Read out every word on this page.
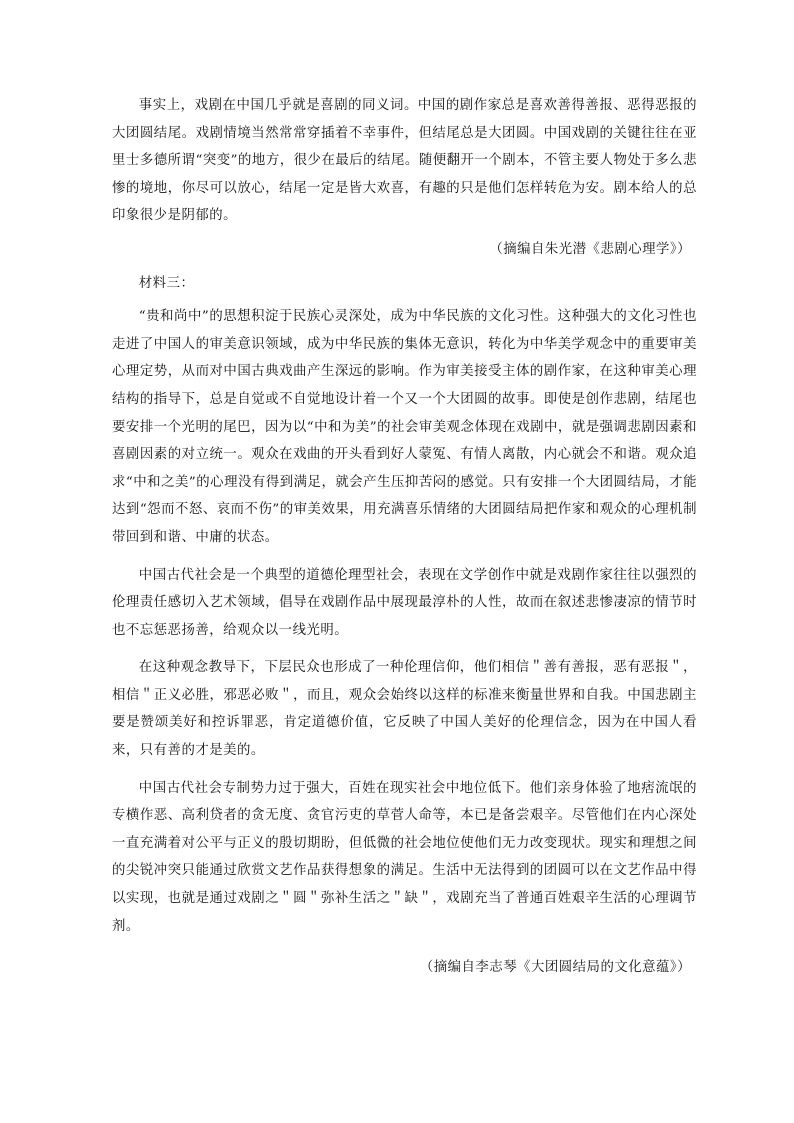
事实上，戏剧在中国几乎就是喜剧的同义词。中国的剧作家总是喜欢善得善报、恶得恶报的大团圆结尾。戏剧情境当然常常穿插着不幸事件，但结尾总是大团圆。中国戏剧的关键往往在亚里士多德所谓“突变”的地方，很少在最后的结尾。随便翻开一个剧本，不管主要人物处于多么悲惨的境地，你尽可以放心，结尾一定是皆大欢喜，有趣的只是他们怎样转危为安。剧本给人的总印象很少是阴郁的。

（摘编自朱光潜《悲剧心理学》）

材料三：

“贵和尚中”的思想积淀于民族心灵深处，成为中华民族的文化习性。这种强大的文化习性也走进了中国人的审美意识领域，成为中华民族的集体无意识，转化为中华美学观念中的重要审美心理定势，从而对中国古典戏曲产生深远的影响。作为审美接受主体的剧作家，在这种审美心理结构的指导下，总是自觉或不自觉地设计着一个又一个大团圆的故事。即使是创作悲剧，结尾也要安排一个光明的尾巴，因为以“中和为美”的社会审美观念体现在戏剧中，就是强调悲剧因素和喜剧因素的对立统一。观众在戏曲的开头看到好人蒙冤、有情人离散，内心就会不和谐。观众追求“中和之美”的心理没有得到满足，就会产生压抑苦闷的感觉。只有安排一个大团圆结局，才能达到“怨而不怒、哀而不伤”的审美效果，用充满喜乐情绪的大团圆结局把作家和观众的心理机制带回到和谐、中庸的状态。

中国古代社会是一个典型的道德伦理型社会，表现在文学创作中就是戏剧作家往往以强烈的伦理责任感切入艺术领域，倡导在戏剧作品中展现最淳朴的人性，故而在叙述悲惨凄凉的情节时也不忘惩恶扬善，给观众以一线光明。

在这种观念教导下，下层民众也形成了一种伦理信仰，他们相信＂善有善报，恶有恶报＂，相信＂正义必胜，邪恶必败＂，而且，观众会始终以这样的标准来衡量世界和自我。中国悲剧主要是赞颂美好和控诉罪恶，肯定道德价值，它反映了中国人美好的伦理信念，因为在中国人看来，只有善的才是美的。

中国古代社会专制势力过于强大，百姓在现实社会中地位低下。他们亲身体验了地痞流氓的专横作恶、高利贷者的贪无度、贪官污吏的草菅人命等，本已是备尝艰辛。尽管他们在内心深处一直充满着对公平与正义的殷切期盼，但低微的社会地位使他们无力改变现状。现实和理想之间的尖锐冲突只能通过欣赏文艺作品获得想象的满足。生活中无法得到的团圆可以在文艺作品中得以实现，也就是通过戏剧之＂圆＂弥补生活之＂缺＂，戏剧充当了普通百姓艰辛生活的心理调节剂。

（摘编自李志琴《大团圆结局的文化意蕴》）
